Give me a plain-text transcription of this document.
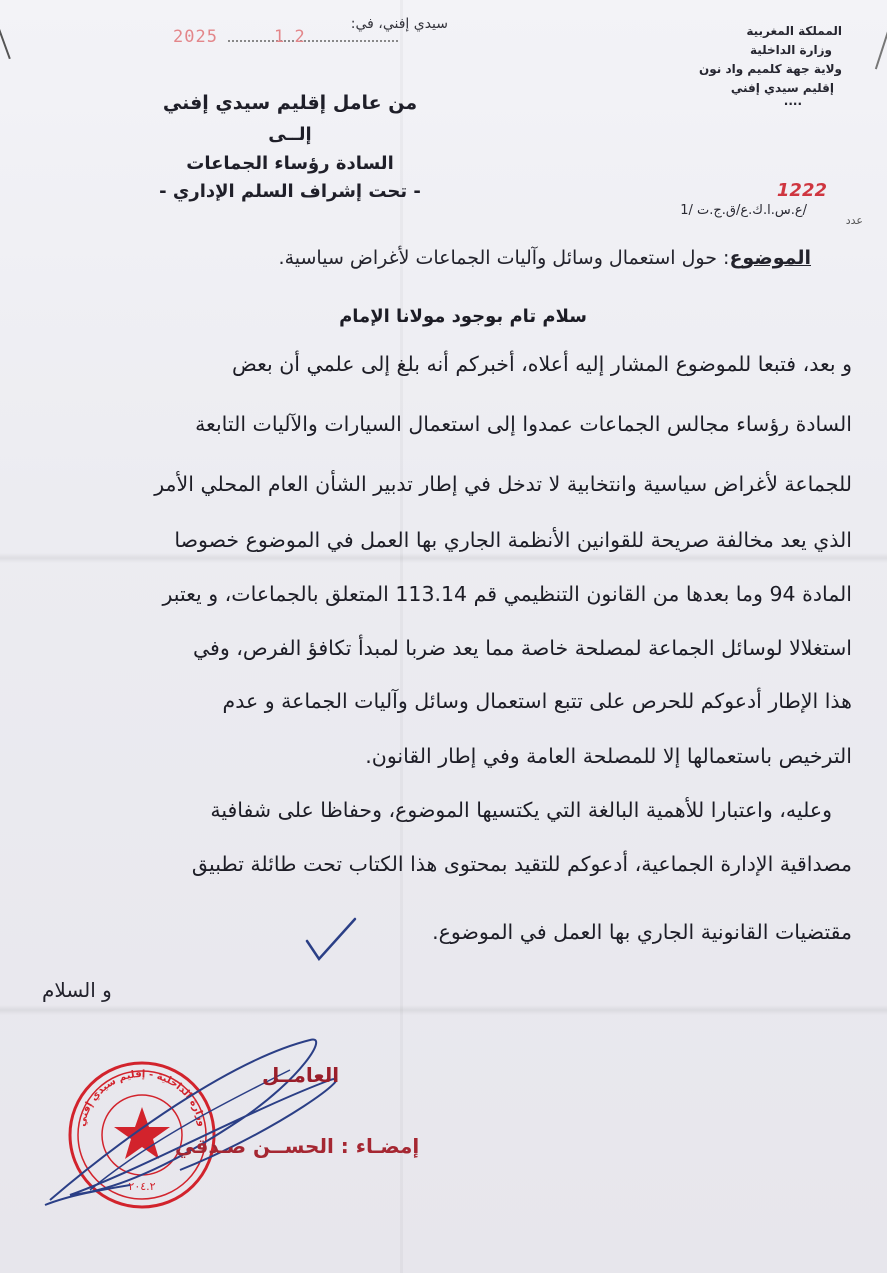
المملكة المغربية
وزارة الداخلية
ولاية جهة كلميم واد نون
إقليم سيدي إفني
....
سيدي إفني، في:
2025	1 2
1222
/ع.س.ا.ك.ع/ق.ج.ت /1
عدد
من عامل إقليم سيدي إفني
إلــى
السادة رؤساء الجماعات
- تحت إشراف السلم الإداري -
الموضوع: حول استعمال وسائل وآليات الجماعات لأغراض سياسية.
سلام تام بوجود مولانا الإمام
و بعد، فتبعا للموضوع المشار إليه أعلاه، أخبركم أنه بلغ إلى علمي أن بعض
السادة رؤساء مجالس الجماعات عمدوا إلى استعمال السيارات والآليات التابعة
للجماعة لأغراض سياسية وانتخابية لا تدخل في إطار تدبير الشأن العام المحلي الأمر
الذي يعد مخالفة صريحة للقوانين الأنظمة الجاري بها العمل في الموضوع خصوصا
المادة 94 وما بعدها من القانون التنظيمي قم 113.14 المتعلق بالجماعات، و يعتبر
استغلالا لوسائل الجماعة لمصلحة خاصة مما يعد ضربا لمبدأ تكافؤ الفرص، وفي
هذا الإطار أدعوكم للحرص على تتبع استعمال وسائل وآليات الجماعة و عدم
الترخيص باستعمالها إلا للمصلحة العامة وفي إطار القانون.
وعليه، واعتبارا للأهمية البالغة التي يكتسيها الموضوع، وحفاظا على شفافية
مصداقية الإدارة الجماعية، أدعوكم للتقيد بمحتوى هذا الكتاب تحت طائلة تطبيق
مقتضيات القانونية الجاري بها العمل في الموضوع.
و السلام
وزارة الداخلية - إقليم سيدي إفني
٢٠٤.٢
العامــل
إمضـاء : الحســن صـدقي
